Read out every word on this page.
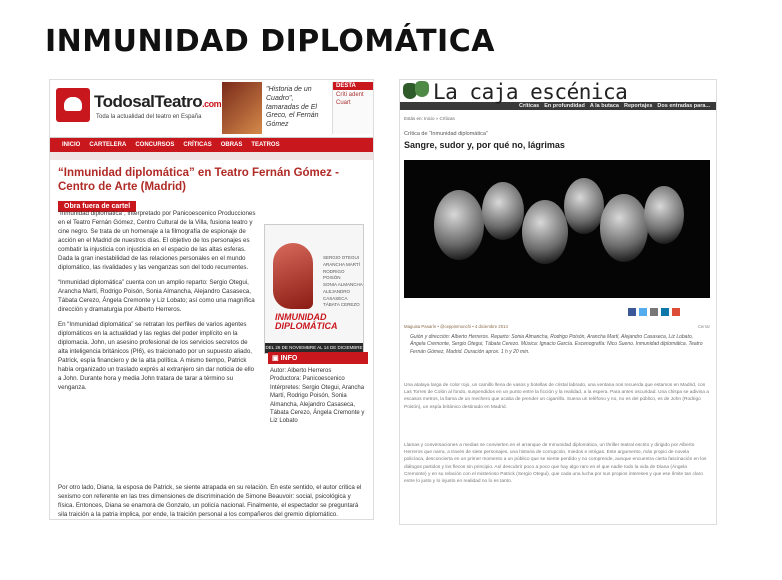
INMUNIDAD DIPLOMÁTICA
TodosalTeatro.com
Toda la actualidad del teatro en España
"Historia de un Cuadro", tamaradas de El Greco, el Fernán Gómez
DESTA
Críti adent Cuart
INICIO CARTELERA CONCURSOS CRÍTICAS OBRAS TEATROS
“Inmunidad diplomática” en Teatro Fernán Gómez - Centro de Arte (Madrid)
Obra fuera de cartel

“Inmunidad diplomática”, interpretado por Panicoescenico Producciones en el Teatro Fernán Gómez, Centro Cultural de la Villa, fusiona teatro y cine negro. Se trata de un homenaje a la filmografía de espionaje de acción en el Madrid de nuestros días. El objetivo de los personajes es combatir la injusticia con injusticia en el espacio de las altas esferas. Dada la gran inestabilidad de las relaciones personales en el mundo diplomático, las rivalidades y las venganzas son del todo recurrentes.

“Inmunidad diplomática” cuenta con un amplio reparto: Sergio Otegui, Arancha Martí, Rodrigo Poisón, Sonia Almancha, Alejandro Casaseca, Tábata Cerezo, Ángela Cremonte y Liz Lobato; así como una magnífica dirección y dramaturgia por Alberto Herreros.

En “Inmunidad diplomática” se retratan los perfiles de varios agentes diplomáticos en la actualidad y las reglas del poder implícito en la diplomacia. John, un asesino profesional de los servicios secretos de alta inteligencia británicos (PI6), es traicionado por un supuesto aliado, Patrick, espía financiero y de la alta política. A mismo tiempo, Patrick había organizado un traslado exprés al extranjero sin dar noticia de ello a John. Durante hora y media John tratara de tarar a término su venganza.

SERGIO OTEGUI
ARANCHA MARTÍ
RODRIGO POISÓN
SONIA ALMANCHA
ALEJANDRO CASASECA
TÁBATA CEREZO
INMUNIDAD
DIPLOMÁTICA
DEL 26 DE NOVIEMBRE AL 14 DE DICIEMBRE
▣ INFO
Autor: Alberto Herreros
Productora: Panicoescenico
Intérpretes: Sergio Otegui, Arancha Martí, Rodrigo Poisón, Sonia Almancha, Alejandro Casaseca, Tábata Cerezo, Ángela Cremonte y Liz Lobato
Por otro lado, Diana, la esposa de Patrick, se siente atrapada en su relación. En este sentido, el autor critica el sexismo con referente en las tres dimensiones de discriminación de Simone Beauvoir: social, psicológica y física. Entonces, Diana se enamora de Gonzalo, un policía nacional. Finalmente, el espectador se preguntará sila traición a la patria implica, por ende, la traición personal a los compañeros del gremio diplomático.
La caja escénica
Críticas En profundidad A la butaca Reportajes Dos entradas para...
Estás en: Inicio » Críticas
Crítica de “Inmunidad diplomática”
Sangre, sudor y, por qué no, lágrimas
Maguisa Pasarín • @ceppinmonchi • 4 diciembre 2014	Cerrar
Guión y dirección: Alberto Herreros. Reparto: Sonia Almancha, Rodrigo Poisón, Arancha Martí, Alejandro Casaseca, Liz Lobato, Ángela Cremonte, Sergio Otegui, Tábata Cerezo. Música: Ignacio García. Escenografía: Nico Sueno. Inmunidad diplomática. Teatro Fernán Gómez, Madrid. Duración aprox. 1 h y 20 min.
Una atalaya larga de color rojo, un camillo llena de vasos y botellas de cristal labrado, una ventana nos recuerda que estamos en Madrid, con Las Torres de Colón al fondo, suspendidos en un punto entre la ficción y la realidad, a la espera. Para antes oscuridad. Una chispa se adivina a escasos metros, la llama de un mechero que acaba de prender un cigarrillo. Suena un teléfono y no, no es del público, es de John (Rodrigo Poisón), un espía británico destinado en Madrid.
Llamas y conversaciones a medias se convierten en el arranque de Inmunidad diplomática, un thriller teatral escrito y dirigido por Alberto Herreros que narra, a través de siete personajes, una historia de corrupción, miedos e intrigas. Este argumento, más propio de novela policíaca, desconcierta en un primer momento a un público que se siente perdido y no comprende, aunque encuentra cierta fascinación en los diálogos partidos y los flecos sin principio. Así descubrir poco a poco que hay algo raro en el que nadie todo la vida de Diana (Ángela Cremonte) y en su relación con el misterioso Patrick (Sergio Otegui), que cada una lucha por sus propios intereses y que ese límite tan claro entre lo justo y lo injusto en realidad no lo es tanto.
